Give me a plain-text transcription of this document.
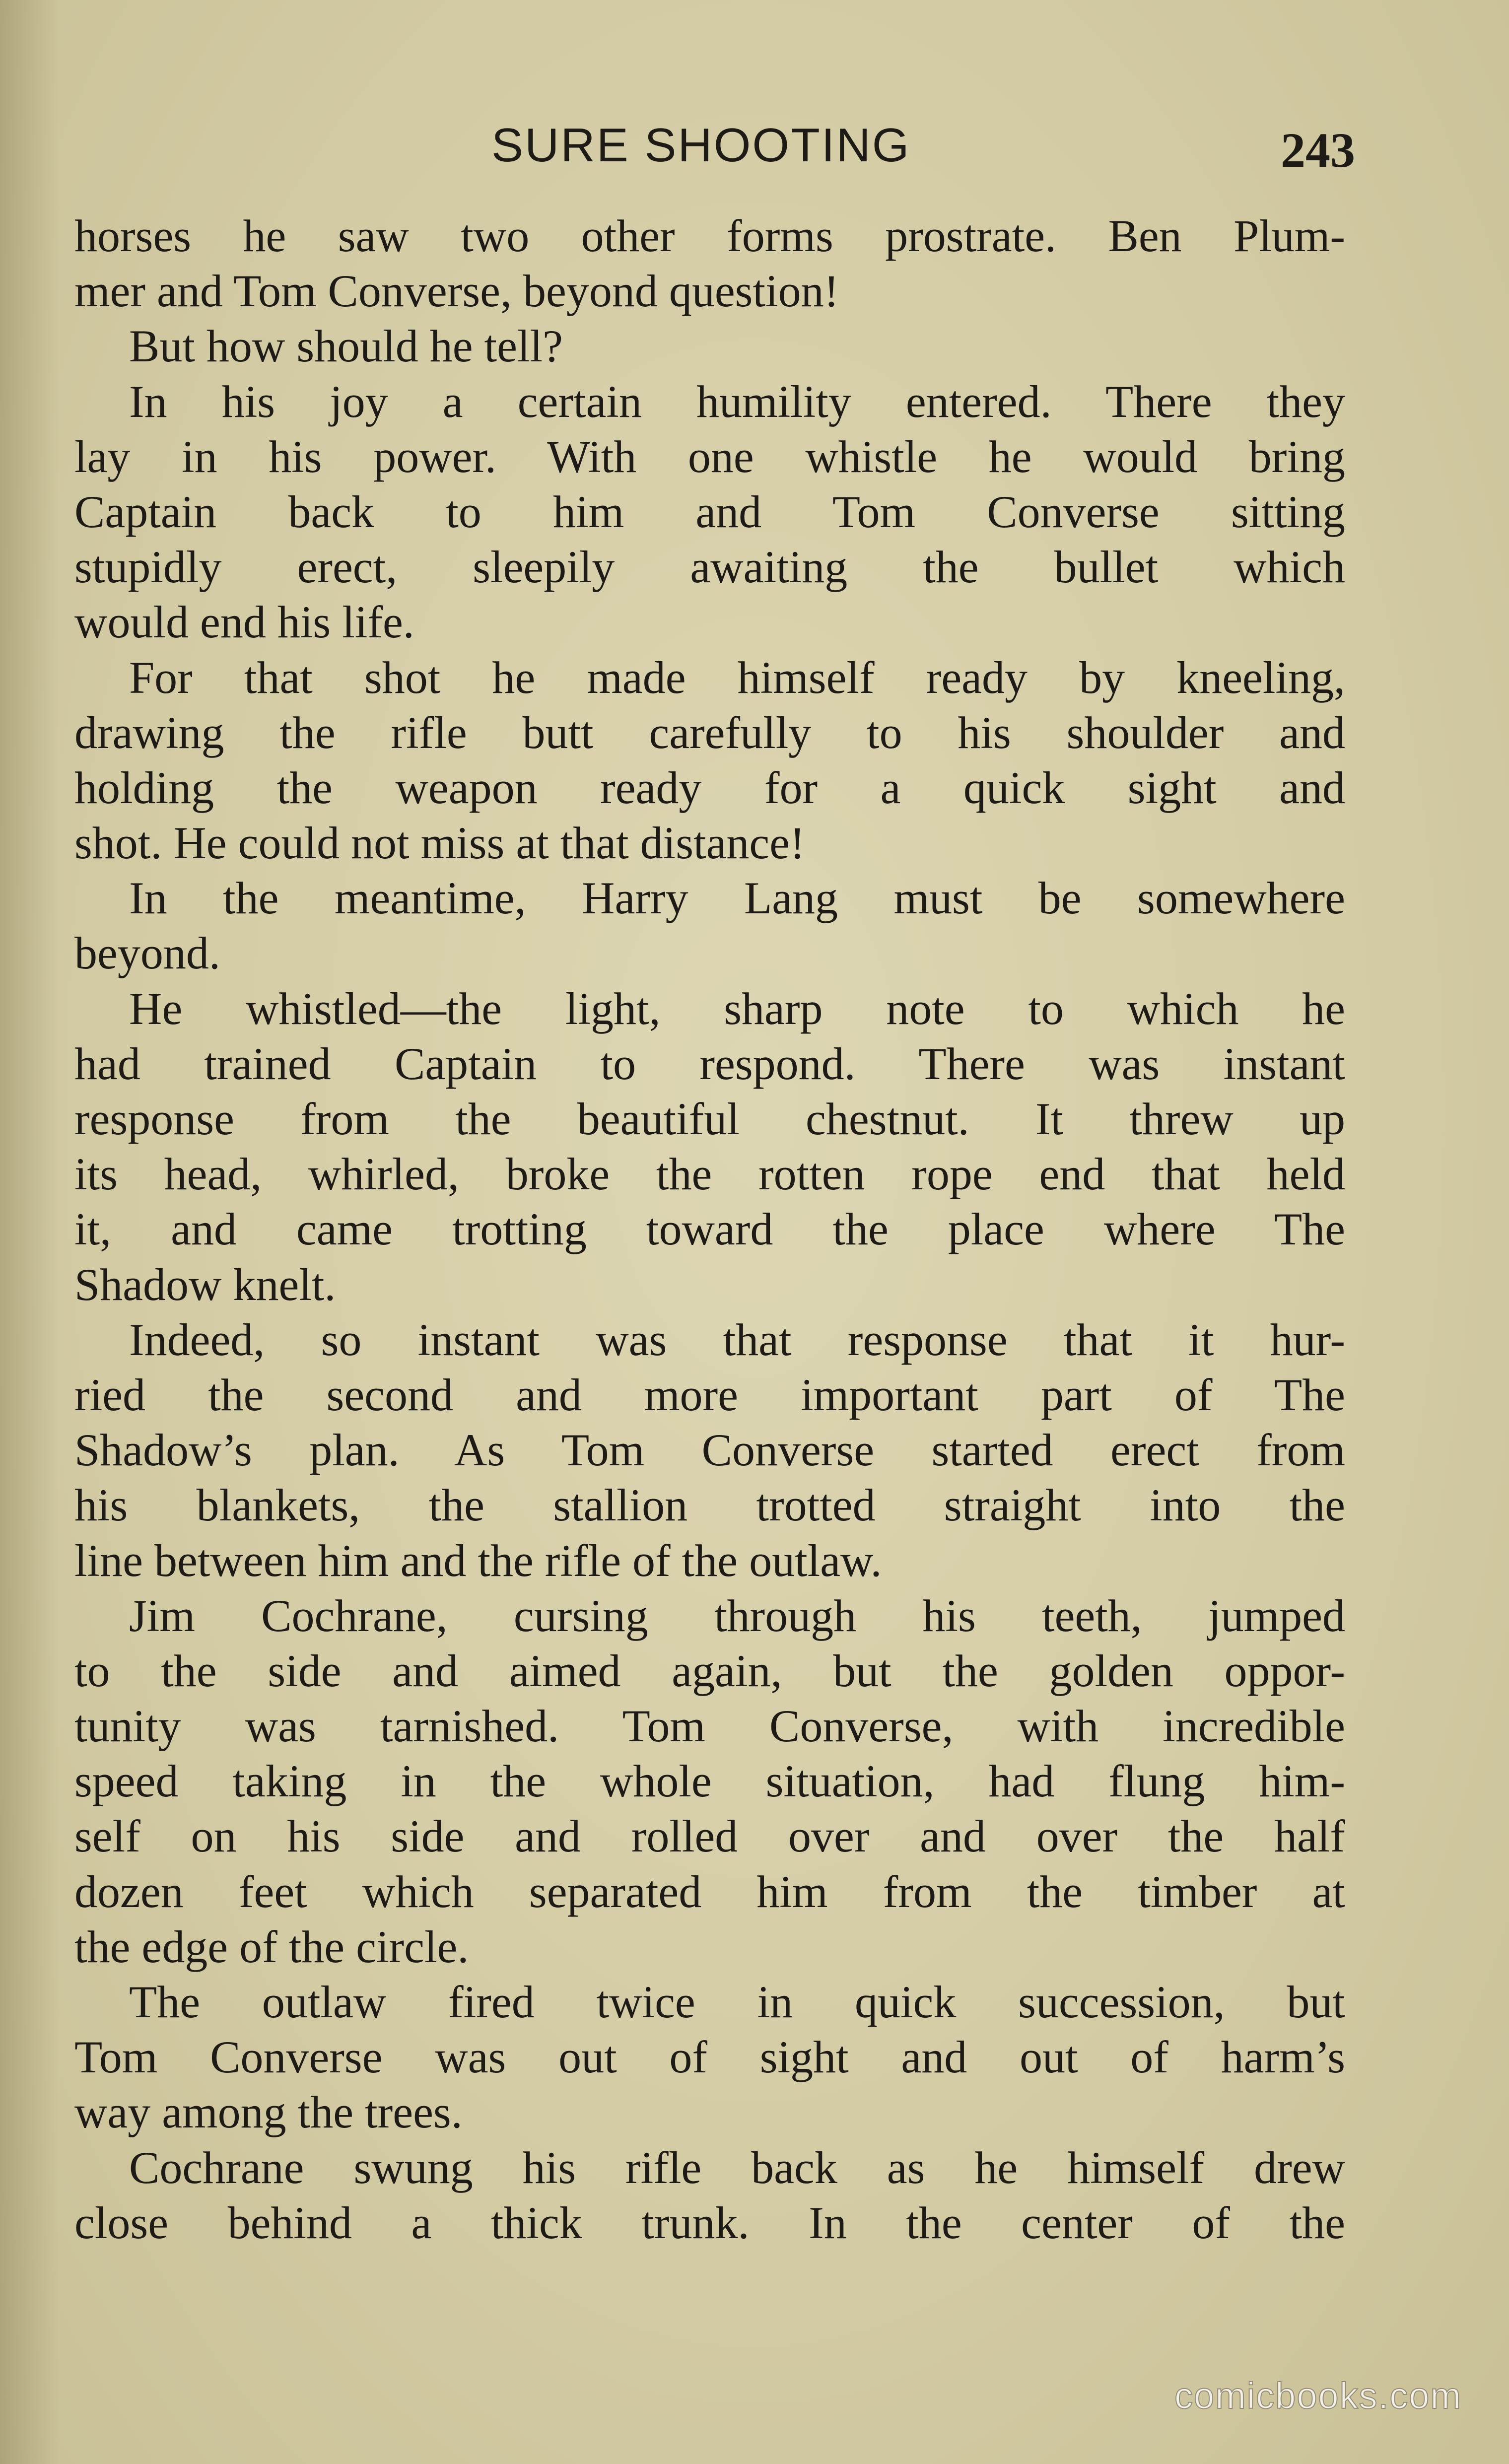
SURE SHOOTING	243
horses he saw two other forms prostrate. Ben Plum-
mer and Tom Converse, beyond question!
But how should he tell?
In his joy a certain humility entered. There they
lay in his power. With one whistle he would bring
Captain back to him and Tom Converse sitting
stupidly erect, sleepily awaiting the bullet which
would end his life.
For that shot he made himself ready by kneeling,
drawing the rifle butt carefully to his shoulder and
holding the weapon ready for a quick sight and
shot. He could not miss at that distance!
In the meantime, Harry Lang must be somewhere
beyond.
He whistled—the light, sharp note to which he
had trained Captain to respond. There was instant
response from the beautiful chestnut. It threw up
its head, whirled, broke the rotten rope end that held
it, and came trotting toward the place where The
Shadow knelt.
Indeed, so instant was that response that it hur-
ried the second and more important part of The
Shadow’s plan. As Tom Converse started erect from
his blankets, the stallion trotted straight into the
line between him and the rifle of the outlaw.
Jim Cochrane, cursing through his teeth, jumped
to the side and aimed again, but the golden oppor-
tunity was tarnished. Tom Converse, with incredible
speed taking in the whole situation, had flung him-
self on his side and rolled over and over the half
dozen feet which separated him from the timber at
the edge of the circle.
The outlaw fired twice in quick succession, but
Tom Converse was out of sight and out of harm’s
way among the trees.
Cochrane swung his rifle back as he himself drew
close behind a thick trunk. In the center of the
comicbooks.com
